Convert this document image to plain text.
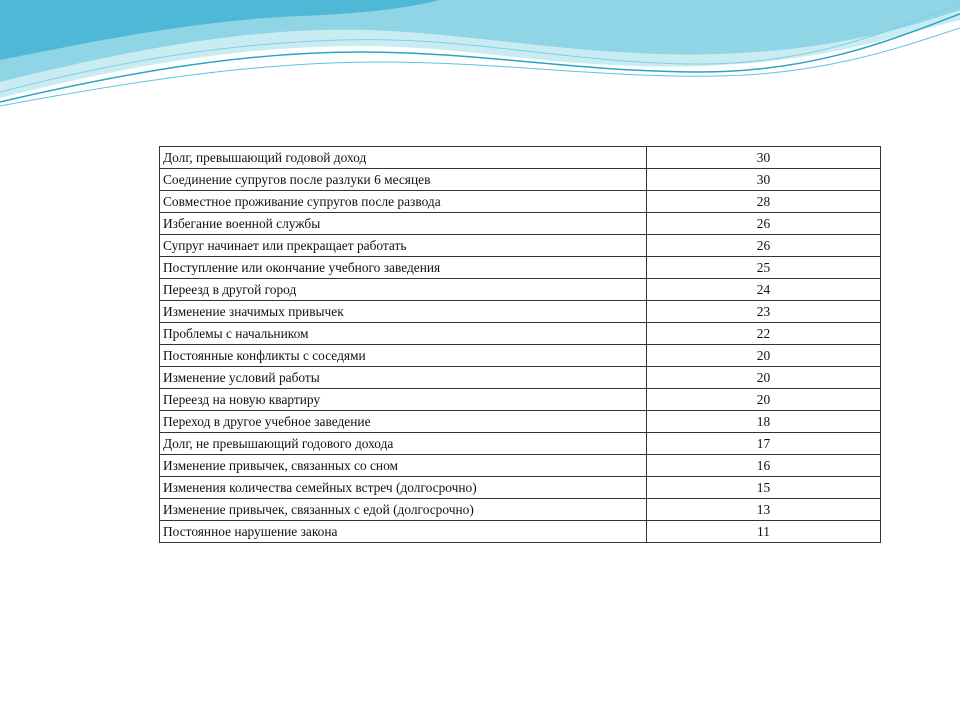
Долг, превышающий годовой доход	30
Соединение супругов после разлуки 6 месяцев	30
Совместное проживание супругов после развода	28
Избегание военной службы	26
Супруг начинает или прекращает работать	26
Поступление или окончание учебного заведения	25
Переезд в другой город	24
Изменение значимых привычек	23
Проблемы с начальником	22
Постоянные конфликты с соседями	20
Изменение условий работы	20
Переезд на новую квартиру	20
Переход в другое учебное заведение	18
Долг, не превышающий годового дохода	17
Изменение привычек, связанных со сном	16
Изменения количества семейных встреч (долгосрочно)	15
Изменение привычек, связанных с едой (долгосрочно)	13
Постоянное нарушение закона	11
